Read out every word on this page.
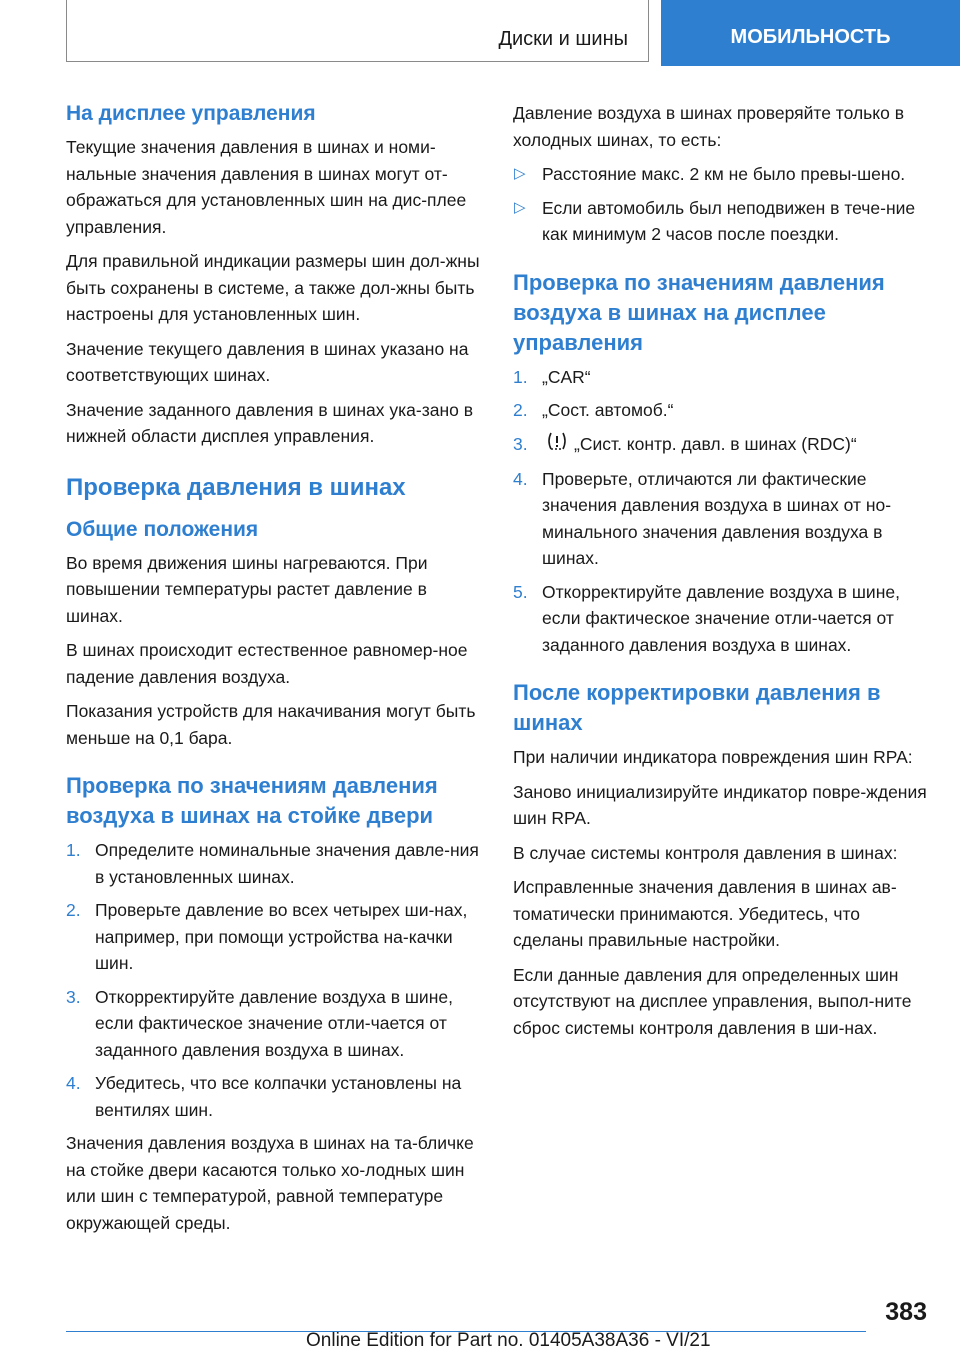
Диски и шины	МОБИЛЬНОСТЬ
На дисплее управления

Текущие значения давления в шинах и номи-нальные значения давления в шинах могут от-ображаться для установленных шин на дис-плее управления.

Для правильной индикации размеры шин дол-жны быть сохранены в системе, а также дол-жны быть настроены для установленных шин.

Значение текущего давления в шинах указано на соответствующих шинах.

Значение заданного давления в шинах ука-зано в нижней области дисплея управления.

Проверка давления в шинах
Общие положения

Во время движения шины нагреваются. При повышении температуры растет давление в шинах.

В шинах происходит естественное равномер-ное падение давления воздуха.

Показания устройств для накачивания могут быть меньше на 0,1 бара.

Проверка по значениям давления воздуха в шинах на стойке двери
1. Определите номинальные значения давле-ния в установленных шинах.
2. Проверьте давление во всех четырех ши-нах, например, при помощи устройства на-качки шин.
3. Откорректируйте давление воздуха в шине, если фактическое значение отли-чается от заданного давления воздуха в шинах.
4. Убедитесь, что все колпачки установлены на вентилях шин.

Значения давления воздуха в шинах на та-бличке на стойке двери касаются только хо-лодных шин или шин с температурой, равной температуре окружающей среды.

Давление воздуха в шинах проверяйте только в холодных шинах, то есть:

▷ Расстояние макс. 2 км не было превы-шено.
▷ Если автомобиль был неподвижен в тече-ние как минимум 2 часов после поездки.
Проверка по значениям давления воздуха в шинах на дисплее управления
1. „CAR“
2. „Сост. автомоб.“
3.	„Сист. контр. давл. в шинах (RDC)“
4. Проверьте, отличаются ли фактические значения давления воздуха в шинах от но-минального значения давления воздуха в шинах.
5. Откорректируйте давление воздуха в шине, если фактическое значение отли-чается от заданного давления воздуха в шинах.
После корректировки давления в шинах

При наличии индикатора повреждения шин RPA:

Заново инициализируйте индикатор повре-ждения шин RPA.

В случае системы контроля давления в шинах:

Исправленные значения давления в шинах ав-томатически принимаются. Убедитесь, что сделаны правильные настройки.

Если данные давления для определенных шин отсутствуют на дисплее управления, выпол-ните сброс системы контроля давления в ши-нах.

383
Online Edition for Part no. 01405A38A36 - VI/21
